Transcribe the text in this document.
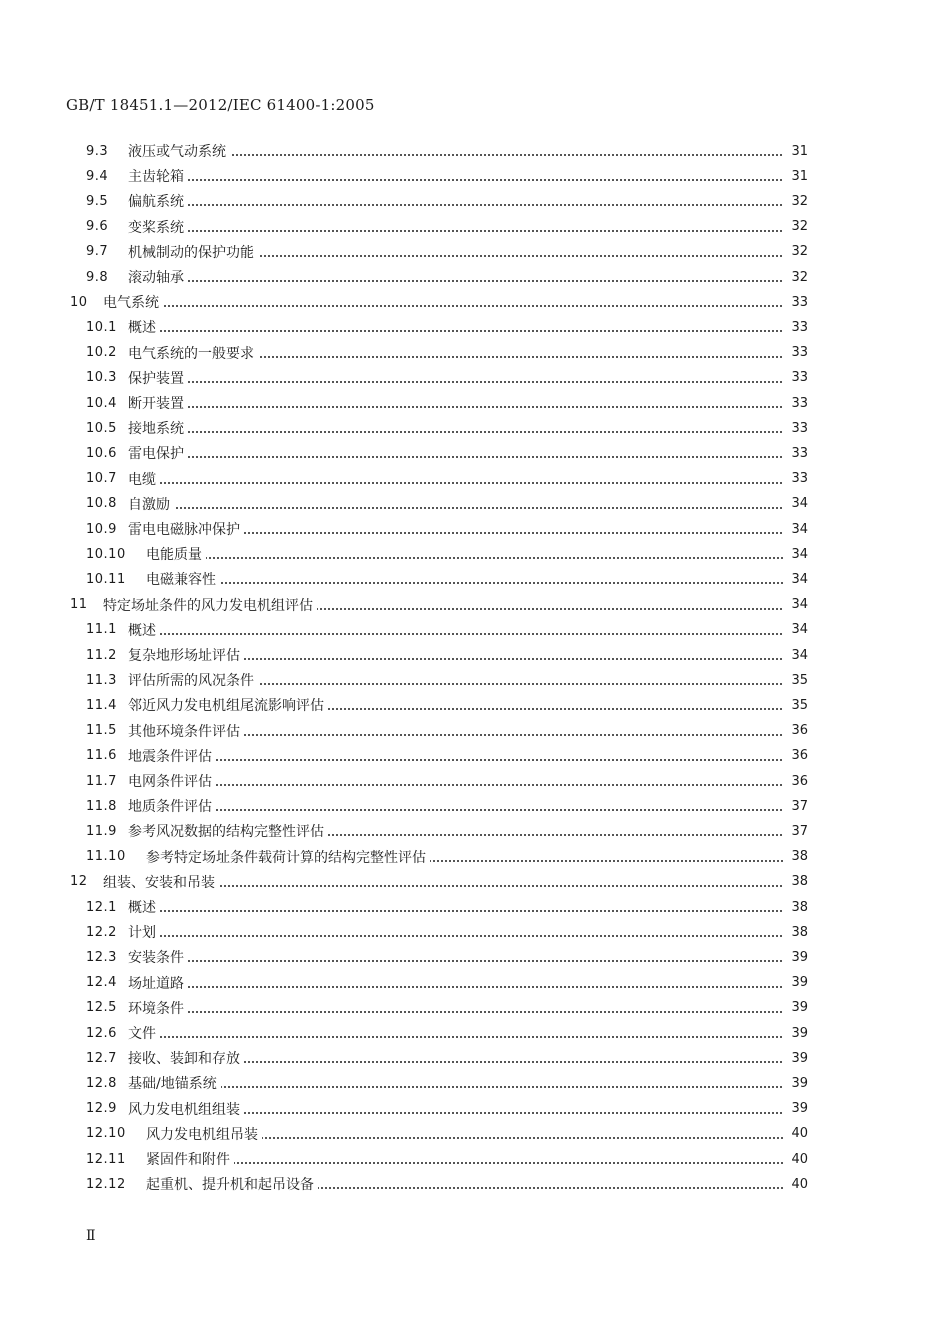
GB/T 18451.1—2012/IEC 61400-1:2005
9.3 液压或气动系统	31
9.4 主齿轮箱	31
9.5 偏航系统	32
9.6 变桨系统	32
9.7 机械制动的保护功能	32
9.8 滚动轴承	32
10 电气系统	33
10.1 概述	33
10.2 电气系统的一般要求	33
10.3 保护装置	33
10.4 断开装置	33
10.5 接地系统	33
10.6 雷电保护	33
10.7 电缆	33
10.8 自激励	34
10.9 雷电电磁脉冲保护	34
10.10 电能质量	34
10.11 电磁兼容性	34
11 特定场址条件的风力发电机组评估	34
11.1 概述	34
11.2 复杂地形场址评估	34
11.3 评估所需的风况条件	35
11.4 邻近风力发电机组尾流影响评估	35
11.5 其他环境条件评估	36
11.6 地震条件评估	36
11.7 电网条件评估	36
11.8 地质条件评估	37
11.9 参考风况数据的结构完整性评估	37
11.10 参考特定场址条件载荷计算的结构完整性评估	38
12 组装、安装和吊装	38
12.1 概述	38
12.2 计划	38
12.3 安装条件	39
12.4 场址道路	39
12.5 环境条件	39
12.6 文件	39
12.7 接收、装卸和存放	39
12.8 基础/地锚系统	39
12.9 风力发电机组组装	39
12.10 风力发电机组吊装	40
12.11 紧固件和附件	40
12.12 起重机、提升机和起吊设备	40
Ⅱ
